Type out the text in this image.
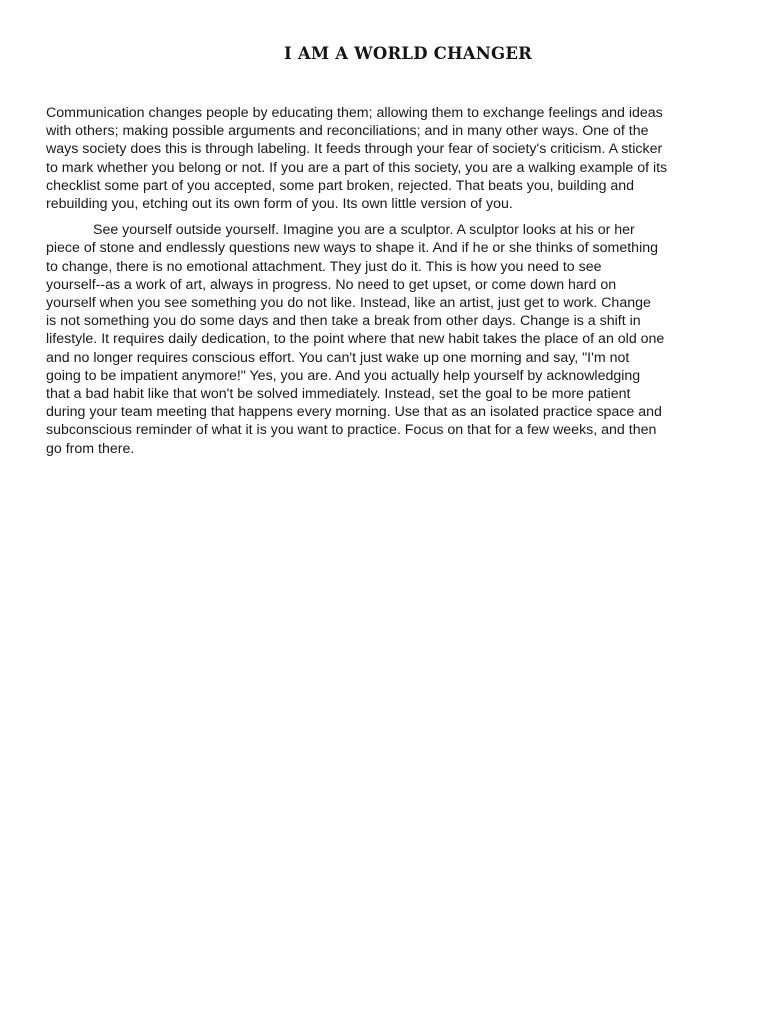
I AM A WORLD CHANGER

Communication changes people by educating them; allowing them to exchange feelings and ideas
with others; making possible arguments and reconciliations; and in many other ways. One of the
ways society does this is through labeling. It feeds through your fear of society's criticism. A sticker
to mark whether you belong or not. If you are a part of this society, you are a walking example of its
checklist some part of you accepted, some part broken, rejected. That beats you, building and
rebuilding you, etching out its own form of you. Its own little version of you.

See yourself outside yourself. Imagine you are a sculptor. A sculptor looks at his or her
piece of stone and endlessly questions new ways to shape it. And if he or she thinks of something
to change, there is no emotional attachment. They just do it. This is how you need to see
yourself--as a work of art, always in progress. No need to get upset, or come down hard on
yourself when you see something you do not like. Instead, like an artist, just get to work. Change
is not something you do some days and then take a break from other days. Change is a shift in
lifestyle. It requires daily dedication, to the point where that new habit takes the place of an old one
and no longer requires conscious effort. You can't just wake up one morning and say, "I'm not
going to be impatient anymore!" Yes, you are. And you actually help yourself by acknowledging
that a bad habit like that won't be solved immediately. Instead, set the goal to be more patient
during your team meeting that happens every morning. Use that as an isolated practice space and
subconscious reminder of what it is you want to practice. Focus on that for a few weeks, and then
go from there.
